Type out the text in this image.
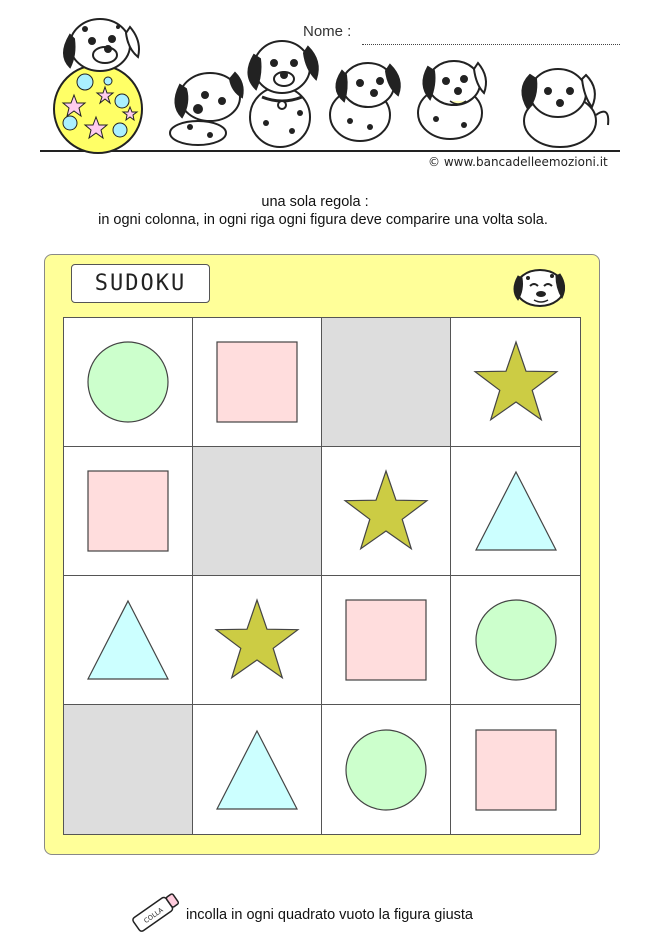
Nome :
© www.bancadelleemozioni.it
una sola regola :
in ogni colonna, in ogni riga ogni figura deve comparire una volta sola.
SUDOKU
COLLA incolla in ogni quadrato vuoto la figura giusta
